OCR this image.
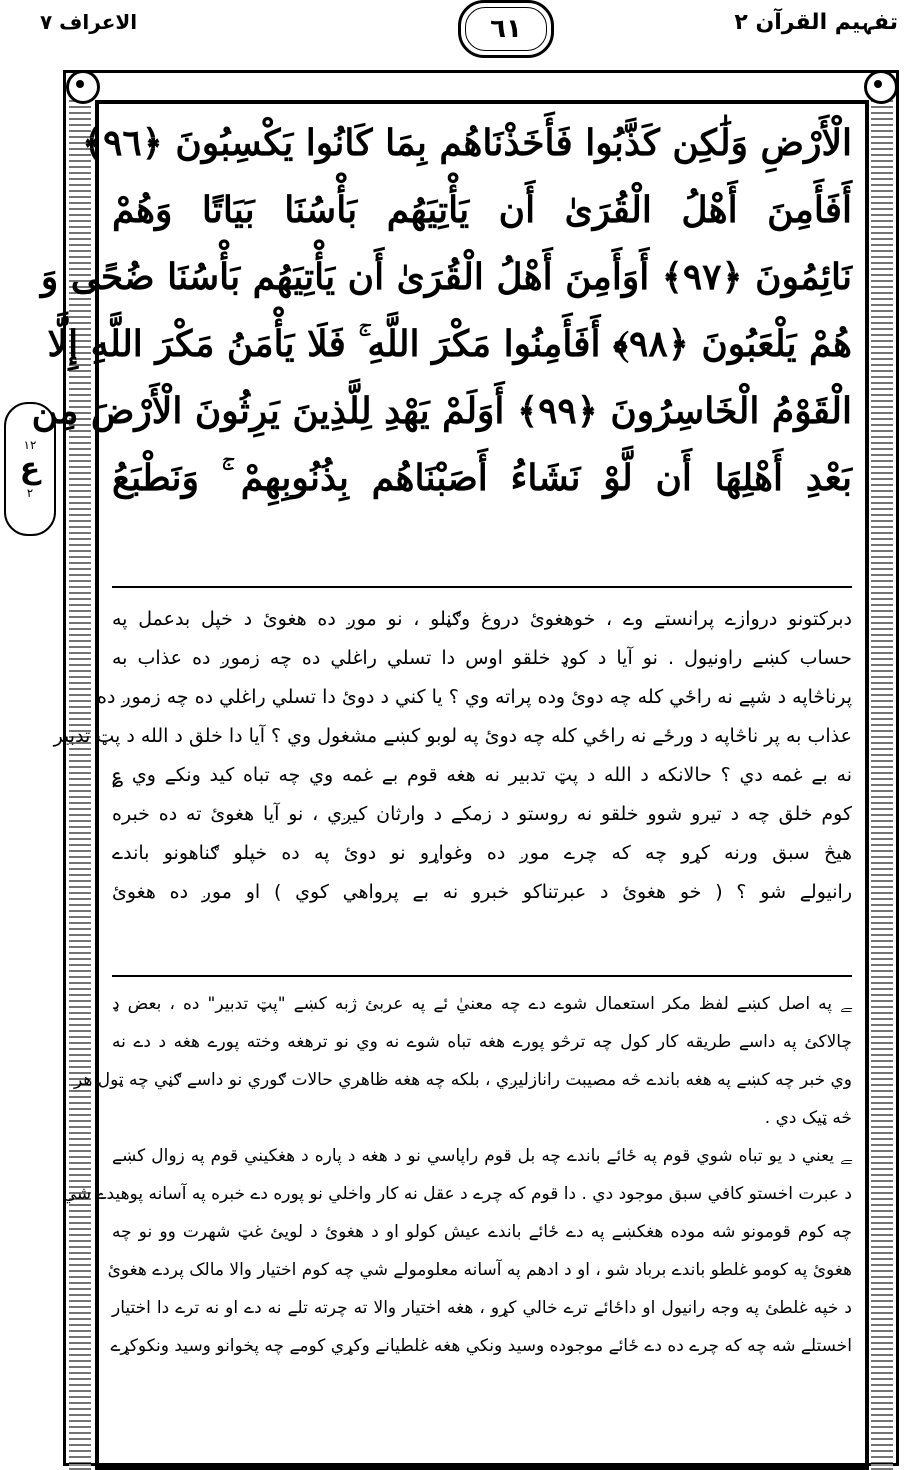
تفہیم القرآن ۲
٦١
الاعراف ۷
١٢
ع
٢
الْأَرْضِ وَلَٰكِن كَذَّبُوا فَأَخَذْنَاهُم بِمَا كَانُوا يَكْسِبُونَ ﴿٩٦﴾
أَفَأَمِنَ أَهْلُ الْقُرَىٰ أَن يَأْتِيَهُم بَأْسُنَا بَيَاتًا وَهُمْ
نَائِمُونَ ﴿٩٧﴾ أَوَأَمِنَ أَهْلُ الْقُرَىٰ أَن يَأْتِيَهُم بَأْسُنَا ضُحًى وَ
هُمْ يَلْعَبُونَ ﴿٩٨﴾ أَفَأَمِنُوا مَكْرَ اللَّهِ ۚ فَلَا يَأْمَنُ مَكْرَ اللَّهِ إِلَّا
الْقَوْمُ الْخَاسِرُونَ ﴿٩٩﴾ أَوَلَمْ يَهْدِ لِلَّذِينَ يَرِثُونَ الْأَرْضَ مِن
بَعْدِ أَهْلِهَا أَن لَّوْ نَشَاءُ أَصَبْنَاهُم بِذُنُوبِهِمْ ۚ وَنَطْبَعُ
دبرکتونو دروازے پرانستے وے ، خوهغوئ دروغ وګڼلو ، نو موږ ده هغوئ د خپل بدعمل په
حساب کښے راونيول . نو آيا د کوډ خلقو اوس دا تسلي راغلي ده چه زموږ ده عذاب به
پرناڅاپه د شپے نه راځي کله چه دوئ وده پراته وي ؟ يا کني د دوئ دا تسلي راغلي ده چه زموږ ده
عذاب به پر ناڅاپه د ورځے نه راځي کله چه دوئ په لوبو کښے مشغول وي ؟ آيا دا خلق د الله د پټ تدبير
نه بے غمه دي ؟ حالانکه د الله د پټ تدبير نه هغه قوم بے غمه وي چه تباه کيد ونکے وي ؏
کوم خلق چه د تيرو شوو خلقو نه روستو د زمکے د وارثان کيږي ، نو آيا هغوئ ته ده خبره
هيڅ سبق ورنه کړو چه که چرے موږ ده وغواړو نو دوئ په ده خپلو ګناهونو باندے
رانيولے شو ؟ ( خو هغوئ د عبرتناکو خبرو نه بے پرواهي کوي ) او موږ ده هغوئ
ﮯ په اصل کښے لفظ مکر استعمال شوے دے چه معنيٰ ئے په عربئ ژبه کښے "پټ تدبير" ده ، بعض ډ
چالاکئ په داسے طريقه کار کول چه ترڅو پورے هغه تباه شوے نه وي نو ترهغه وخته پورے هغه د دے نه
وي خبر چه کښے په هغه باندے څه مصيبت رانازليږي ، بلکه چه هغه ظاهري حالات ګوري نو داسے ګڼي چه ټول هر
څه ټيک دي .
ﮯ يعني د يو تباه شوي قوم په ځائے باندے چه بل قوم راپاسي نو د هغه د پاره د هغکيني قوم په زوال کښے
د عبرت اخستو کافي سبق موجود دي . دا قوم که چرے د عقل نه کار واخلي نو پوره دے خبره په آسانه پوهيدے شي
چه کوم قومونو شه موده هغکښے په دے ځائے باندے عيش کولو او د هغوئ د لويئ غټ شهرت وو نو چه
هغوئ په کومو غلطو باندے برباد شو ، او د ادهم په آسانه معلومولے شي چه کوم اختيار والا مالک پردے هغوئ
د خپه غلطئ په وجه رانيول او داځائے ترے خالي کړو ، هغه اختيار والا ته چرته تلے نه دے او نه ترے دا اختيار
اخستلے شه چه که چرے ده دے ځائے موجوده وسيد ونکي هغه غلطيانے وکړي کومے چه پخوانو وسيد ونکوکړے
